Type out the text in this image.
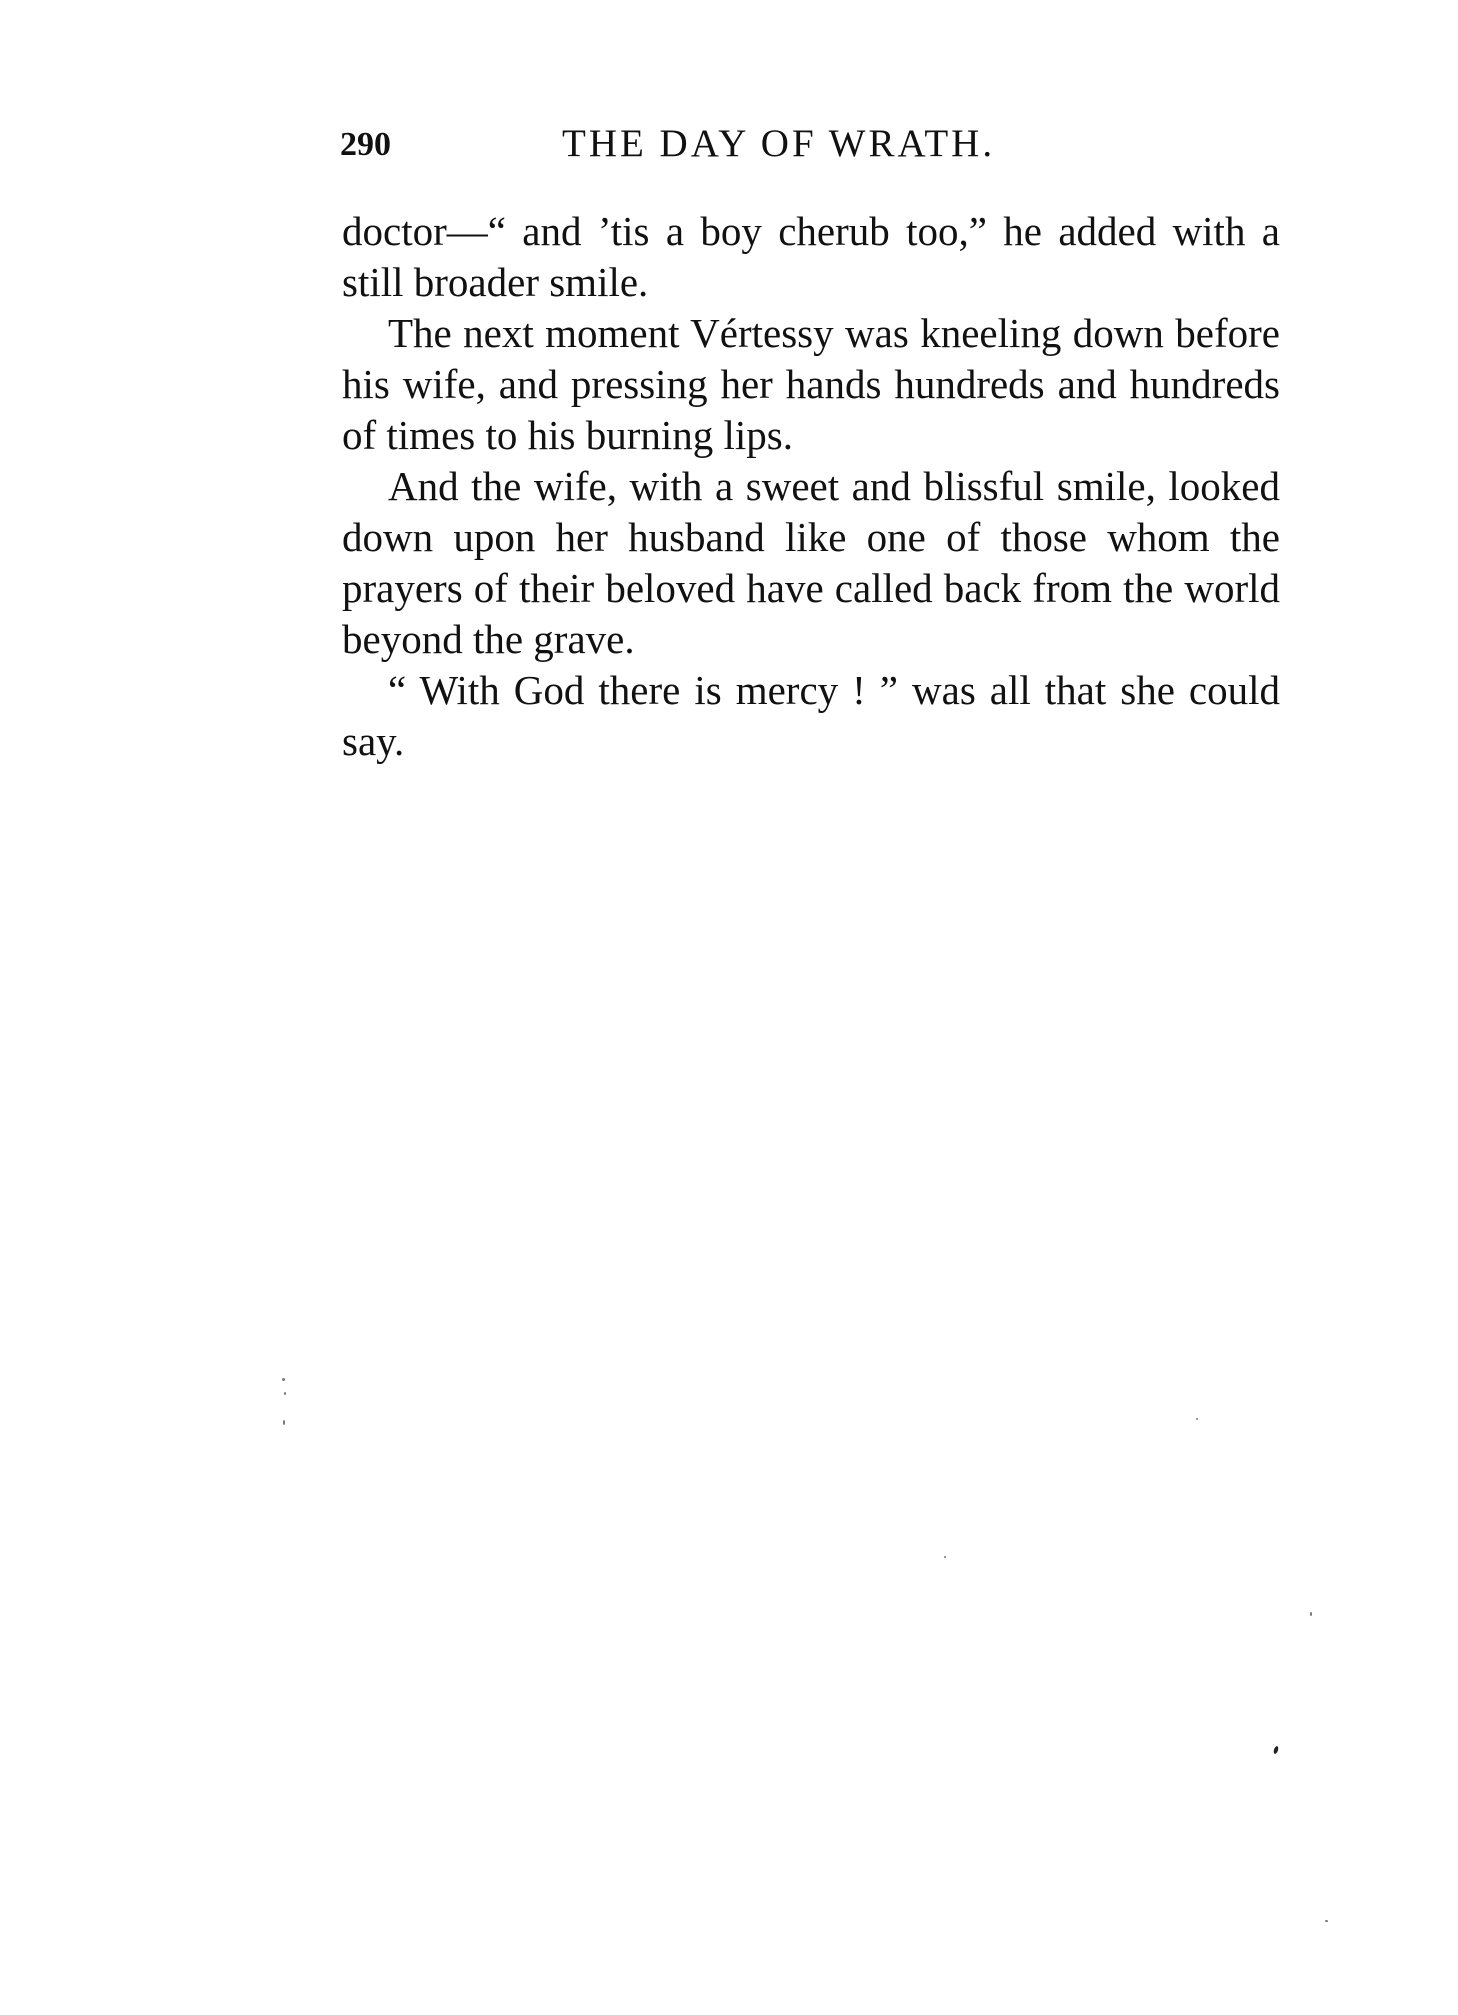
290	THE DAY OF WRATH.

doctor—“ and ’tis a boy cherub too,” he added with a still broader smile.

The next moment Vértessy was kneeling down before his wife, and pressing her hands hundreds and hundreds of times to his burning lips.

And the wife, with a sweet and blissful smile, looked down upon her husband like one of those whom the prayers of their beloved have called back from the world beyond the grave.

“ With God there is mercy ! ” was all that she could say.
